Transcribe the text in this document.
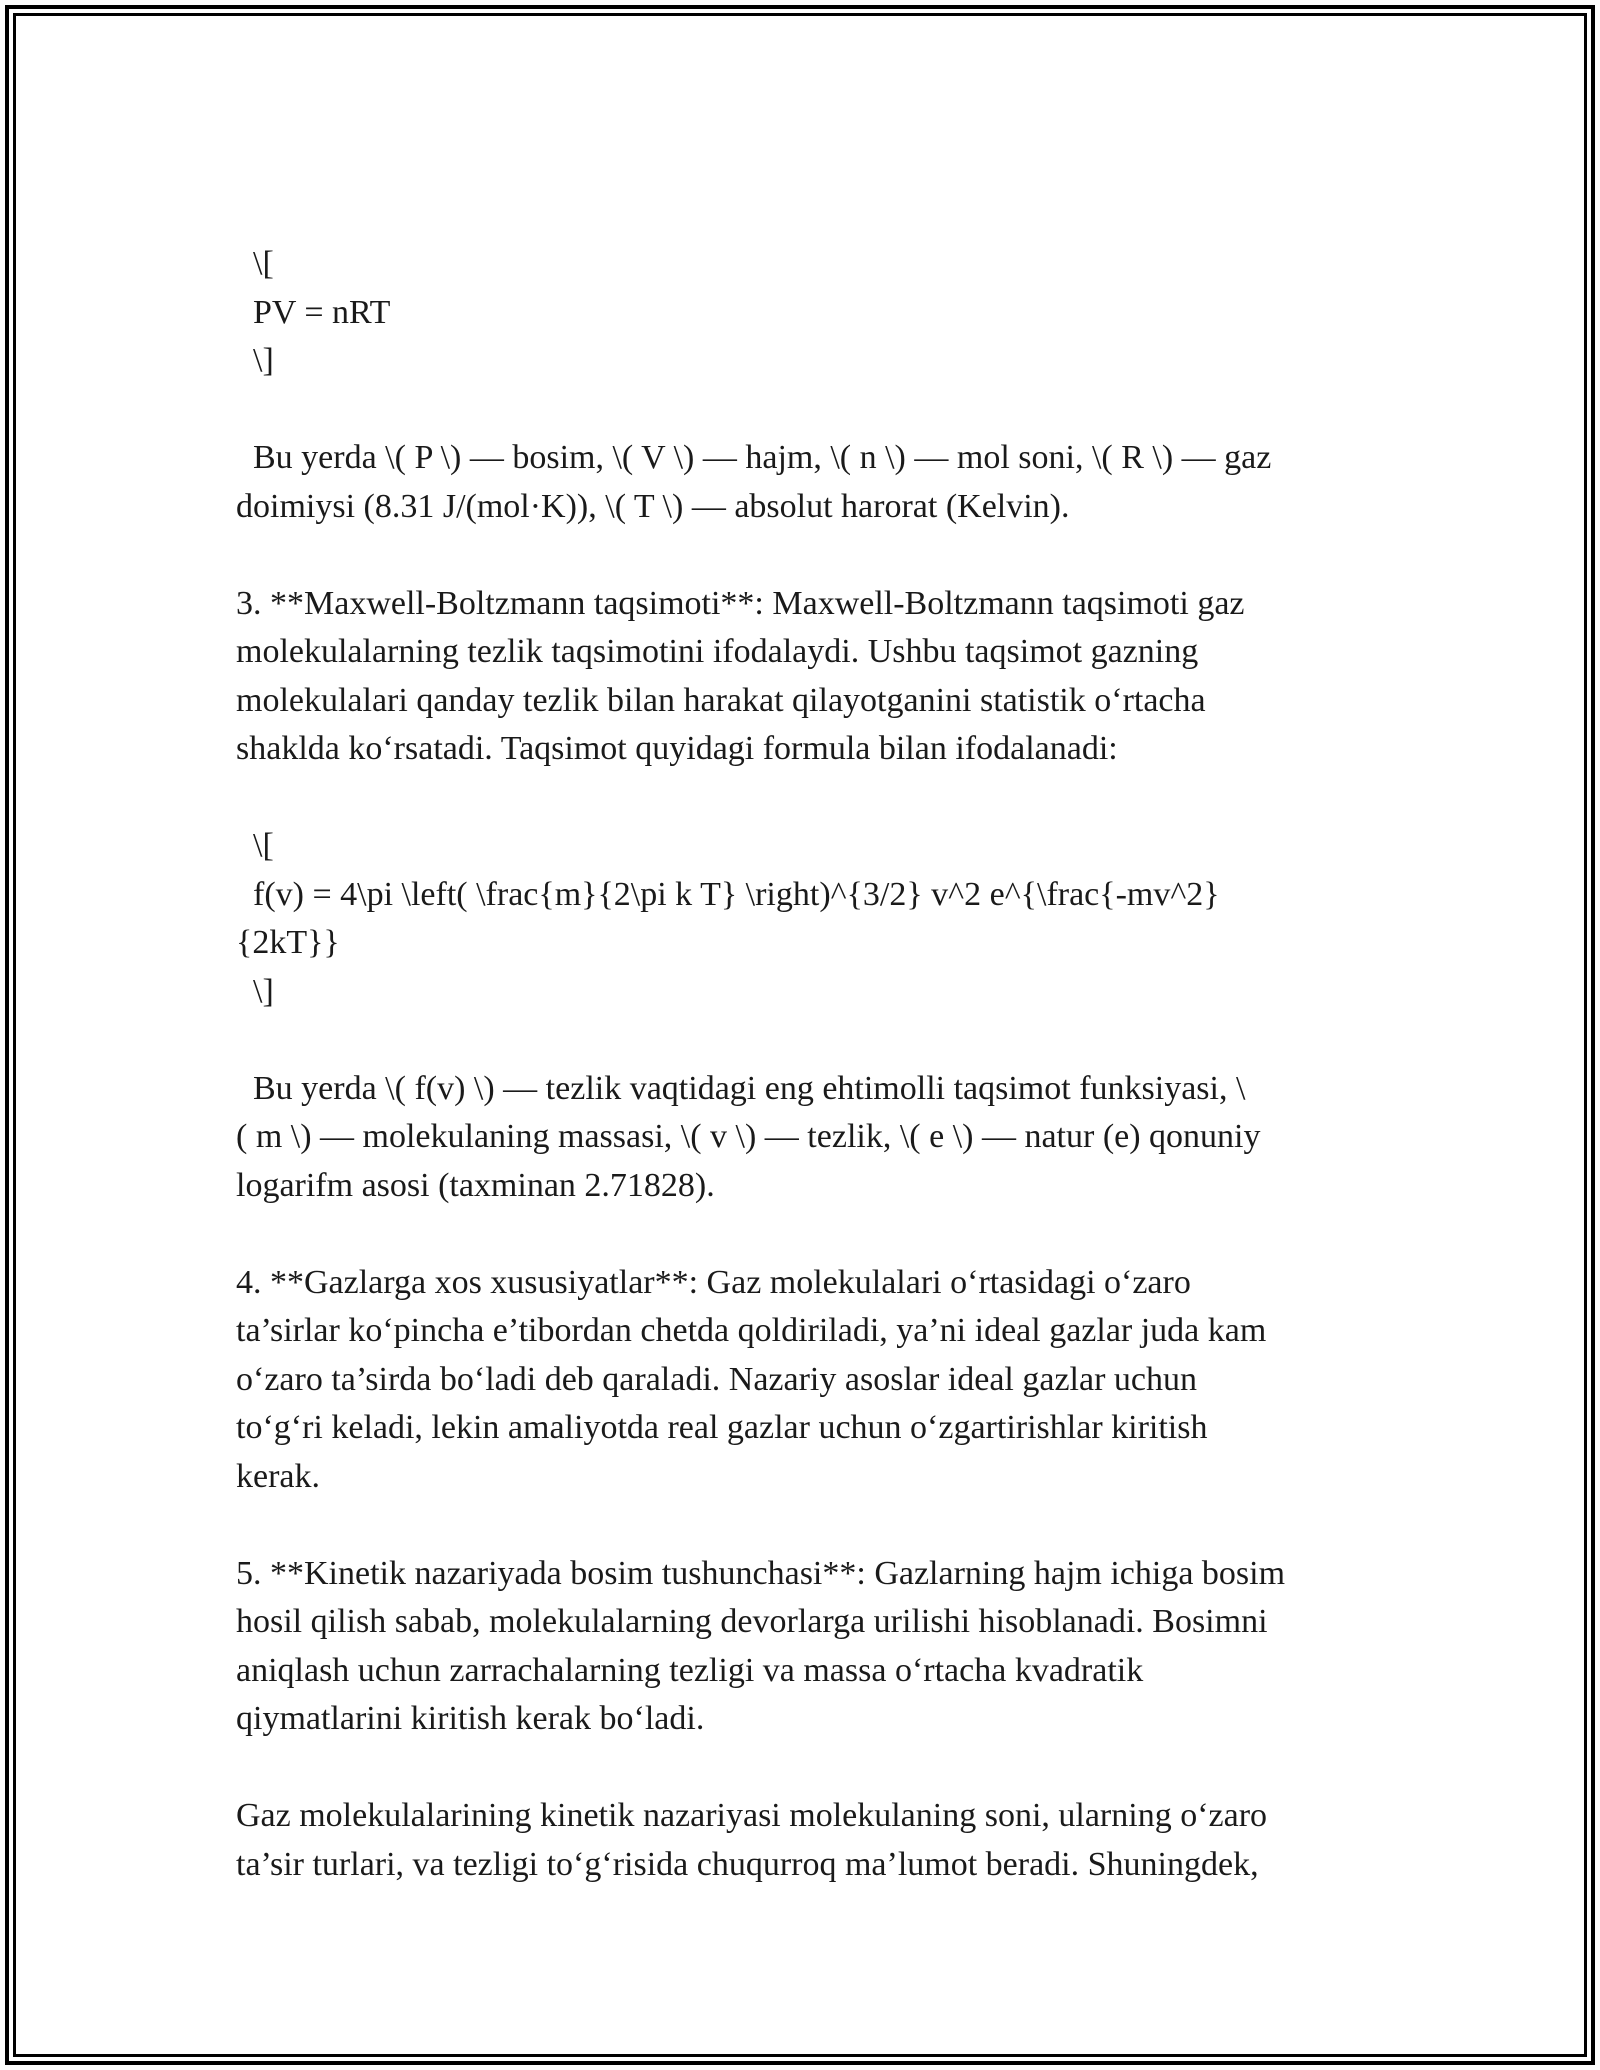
\[
PV = nRT
\]
Bu yerda \( P \) — bosim, \( V \) — hajm, \( n \) — mol soni, \( R \) — gaz
doimiysi (8.31 J/(mol·K)), \( T \) — absolut harorat (Kelvin).
3. **Maxwell-Boltzmann taqsimoti**: Maxwell-Boltzmann taqsimoti gaz
molekulalarning tezlik taqsimotini ifodalaydi. Ushbu taqsimot gazning
molekulalari qanday tezlik bilan harakat qilayotganini statistik o‘rtacha
shaklda ko‘rsatadi. Taqsimot quyidagi formula bilan ifodalanadi:
\[
f(v) = 4\pi \left( \frac{m}{2\pi k T} \right)^{3/2} v^2 e^{\frac{-mv^2}
{2kT}}
\]
Bu yerda \( f(v) \) — tezlik vaqtidagi eng ehtimolli taqsimot funksiyasi, \
( m \) — molekulaning massasi, \( v \) — tezlik, \( e \) — natur (e) qonuniy
logarifm asosi (taxminan 2.71828).
4. **Gazlarga xos xususiyatlar**: Gaz molekulalari o‘rtasidagi o‘zaro
ta’sirlar ko‘pincha e’tibordan chetda qoldiriladi, ya’ni ideal gazlar juda kam
o‘zaro ta’sirda bo‘ladi deb qaraladi. Nazariy asoslar ideal gazlar uchun
to‘g‘ri keladi, lekin amaliyotda real gazlar uchun o‘zgartirishlar kiritish
kerak.
5. **Kinetik nazariyada bosim tushunchasi**: Gazlarning hajm ichiga bosim
hosil qilish sabab, molekulalarning devorlarga urilishi hisoblanadi. Bosimni
aniqlash uchun zarrachalarning tezligi va massa o‘rtacha kvadratik
qiymatlarini kiritish kerak bo‘ladi.
Gaz molekulalarining kinetik nazariyasi molekulaning soni, ularning o‘zaro
ta’sir turlari, va tezligi to‘g‘risida chuqurroq ma’lumot beradi. Shuningdek,
